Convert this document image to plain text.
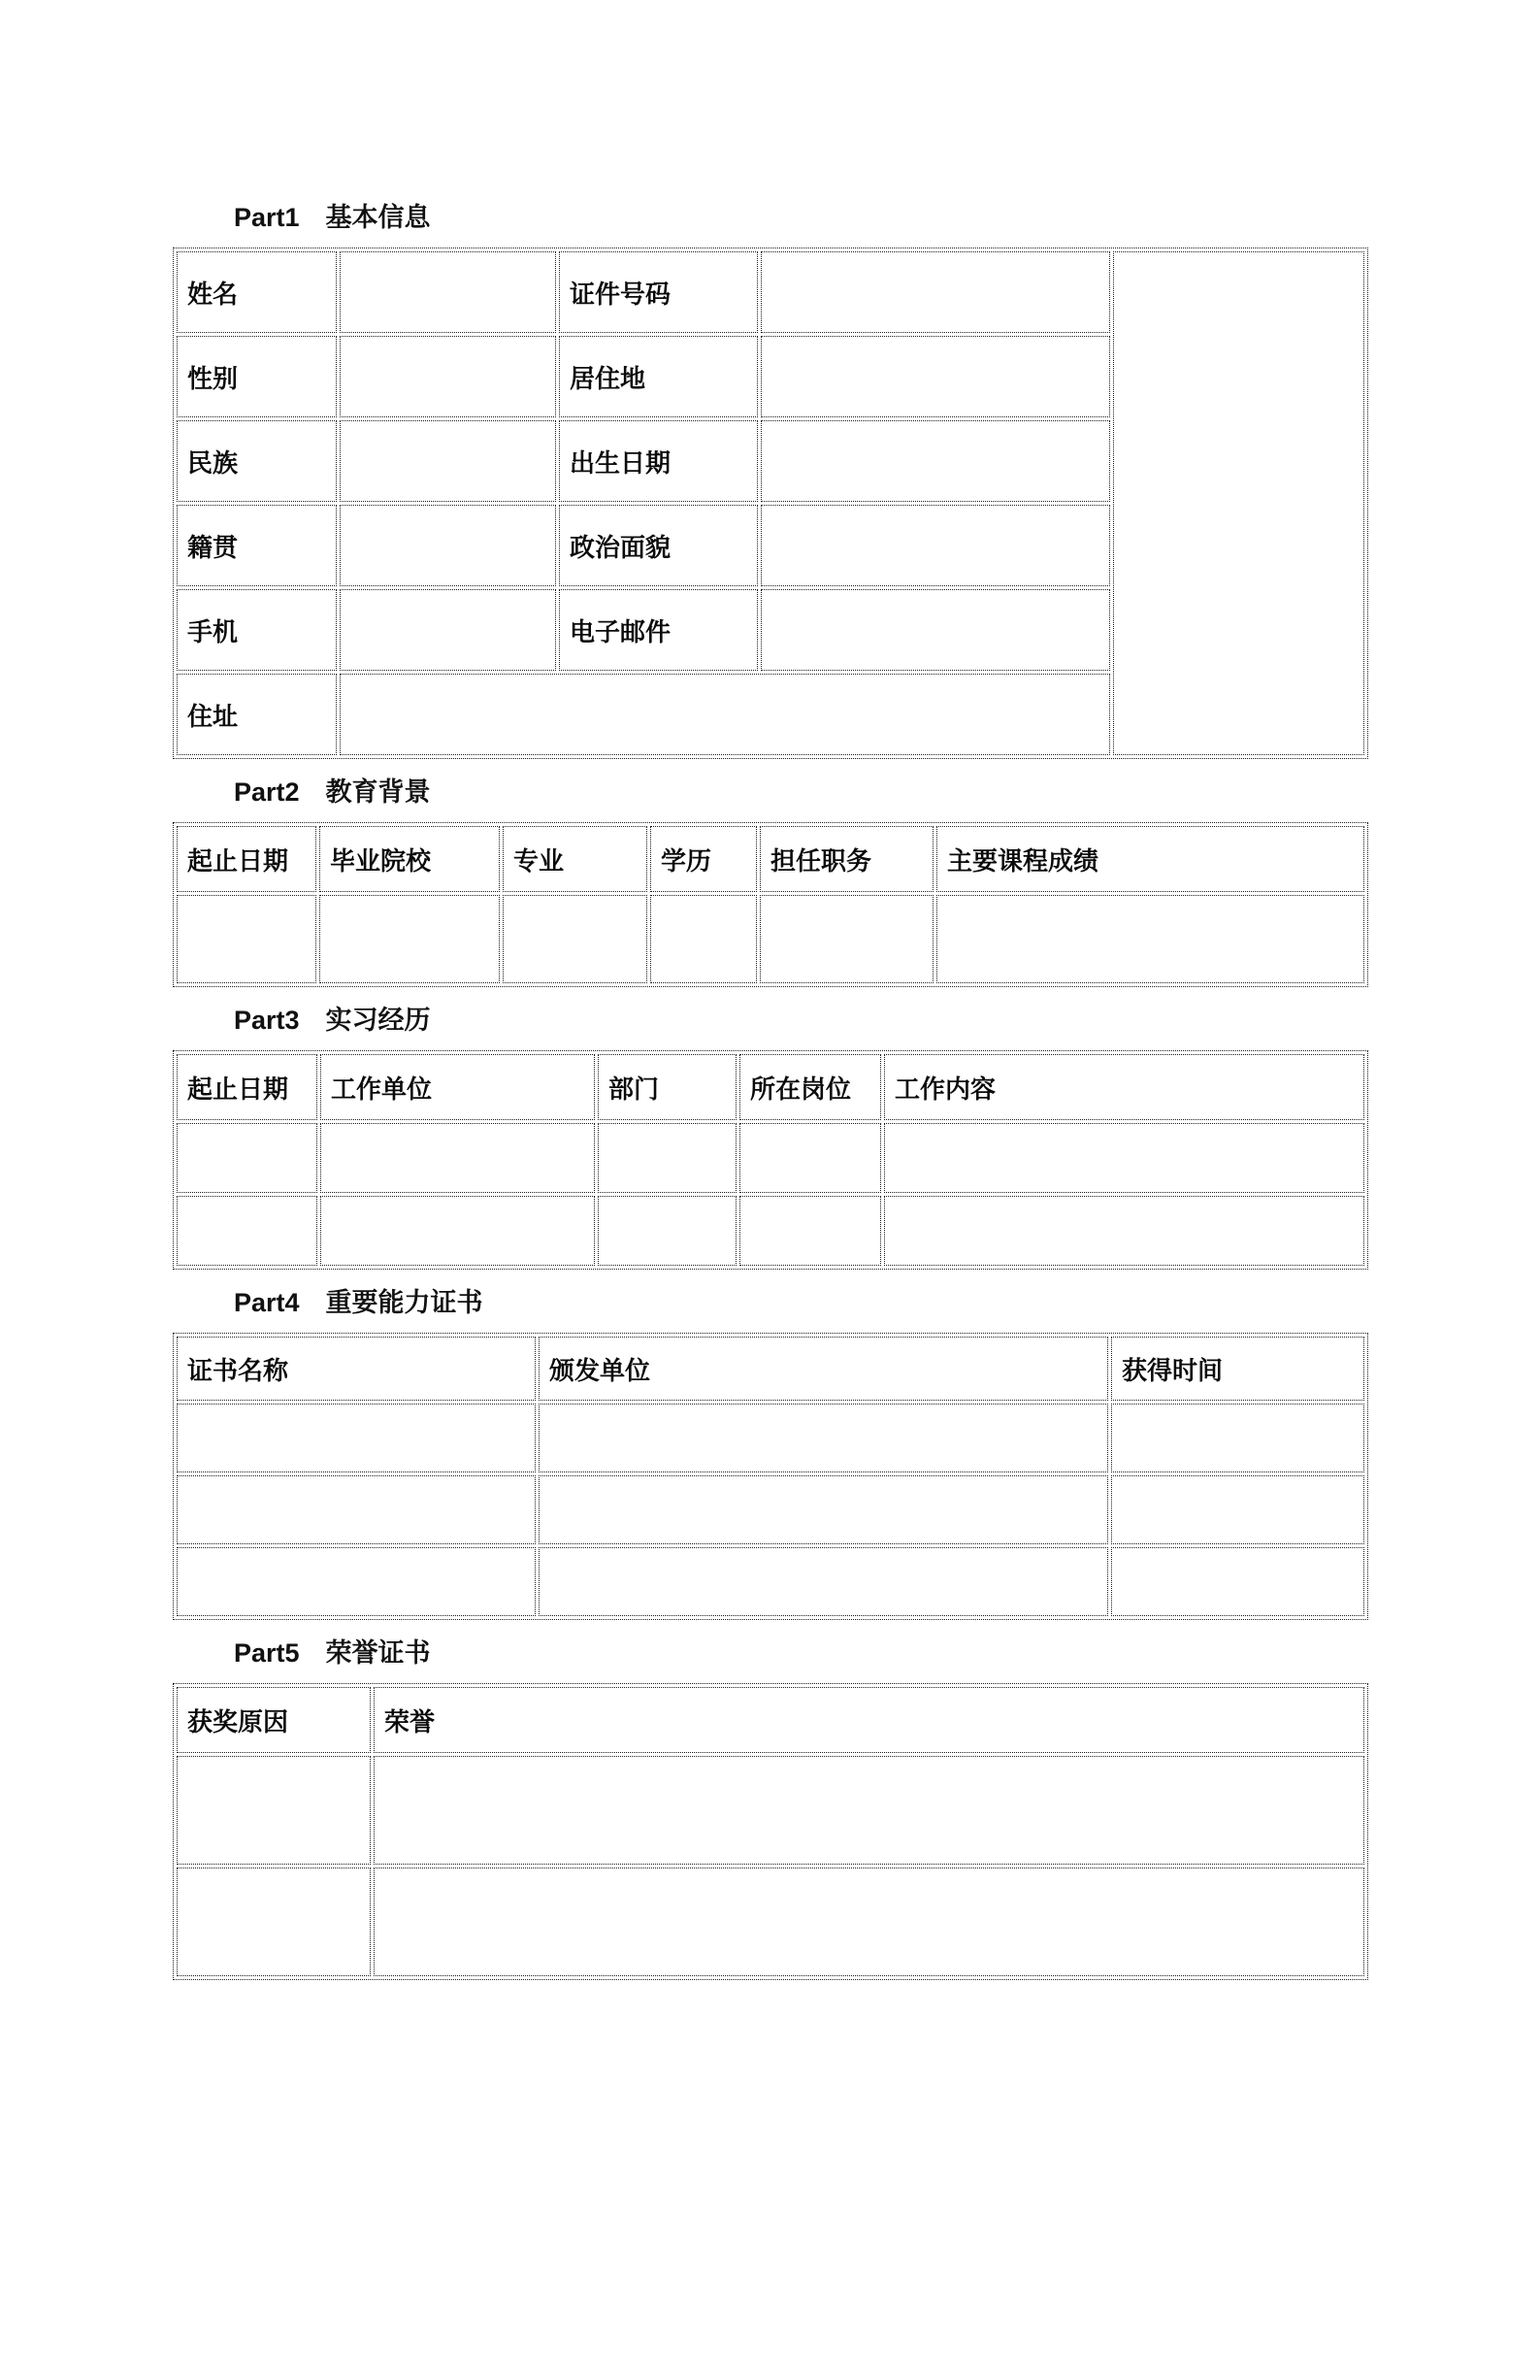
Part1 基本信息
姓名		证件号码		
性别		居住地		
民族		出生日期		
籍贯		政治面貌		
手机		电子邮件		
住址				
Part2 教育背景
起止日期	毕业院校	专业	学历	担任职务	主要课程成绩

Part3 实习经历
起止日期	工作单位	部门	所在岗位	工作内容

Part4 重要能力证书
证书名称	颁发单位	获得时间

Part5 荣誉证书
获奖原因	荣誉
